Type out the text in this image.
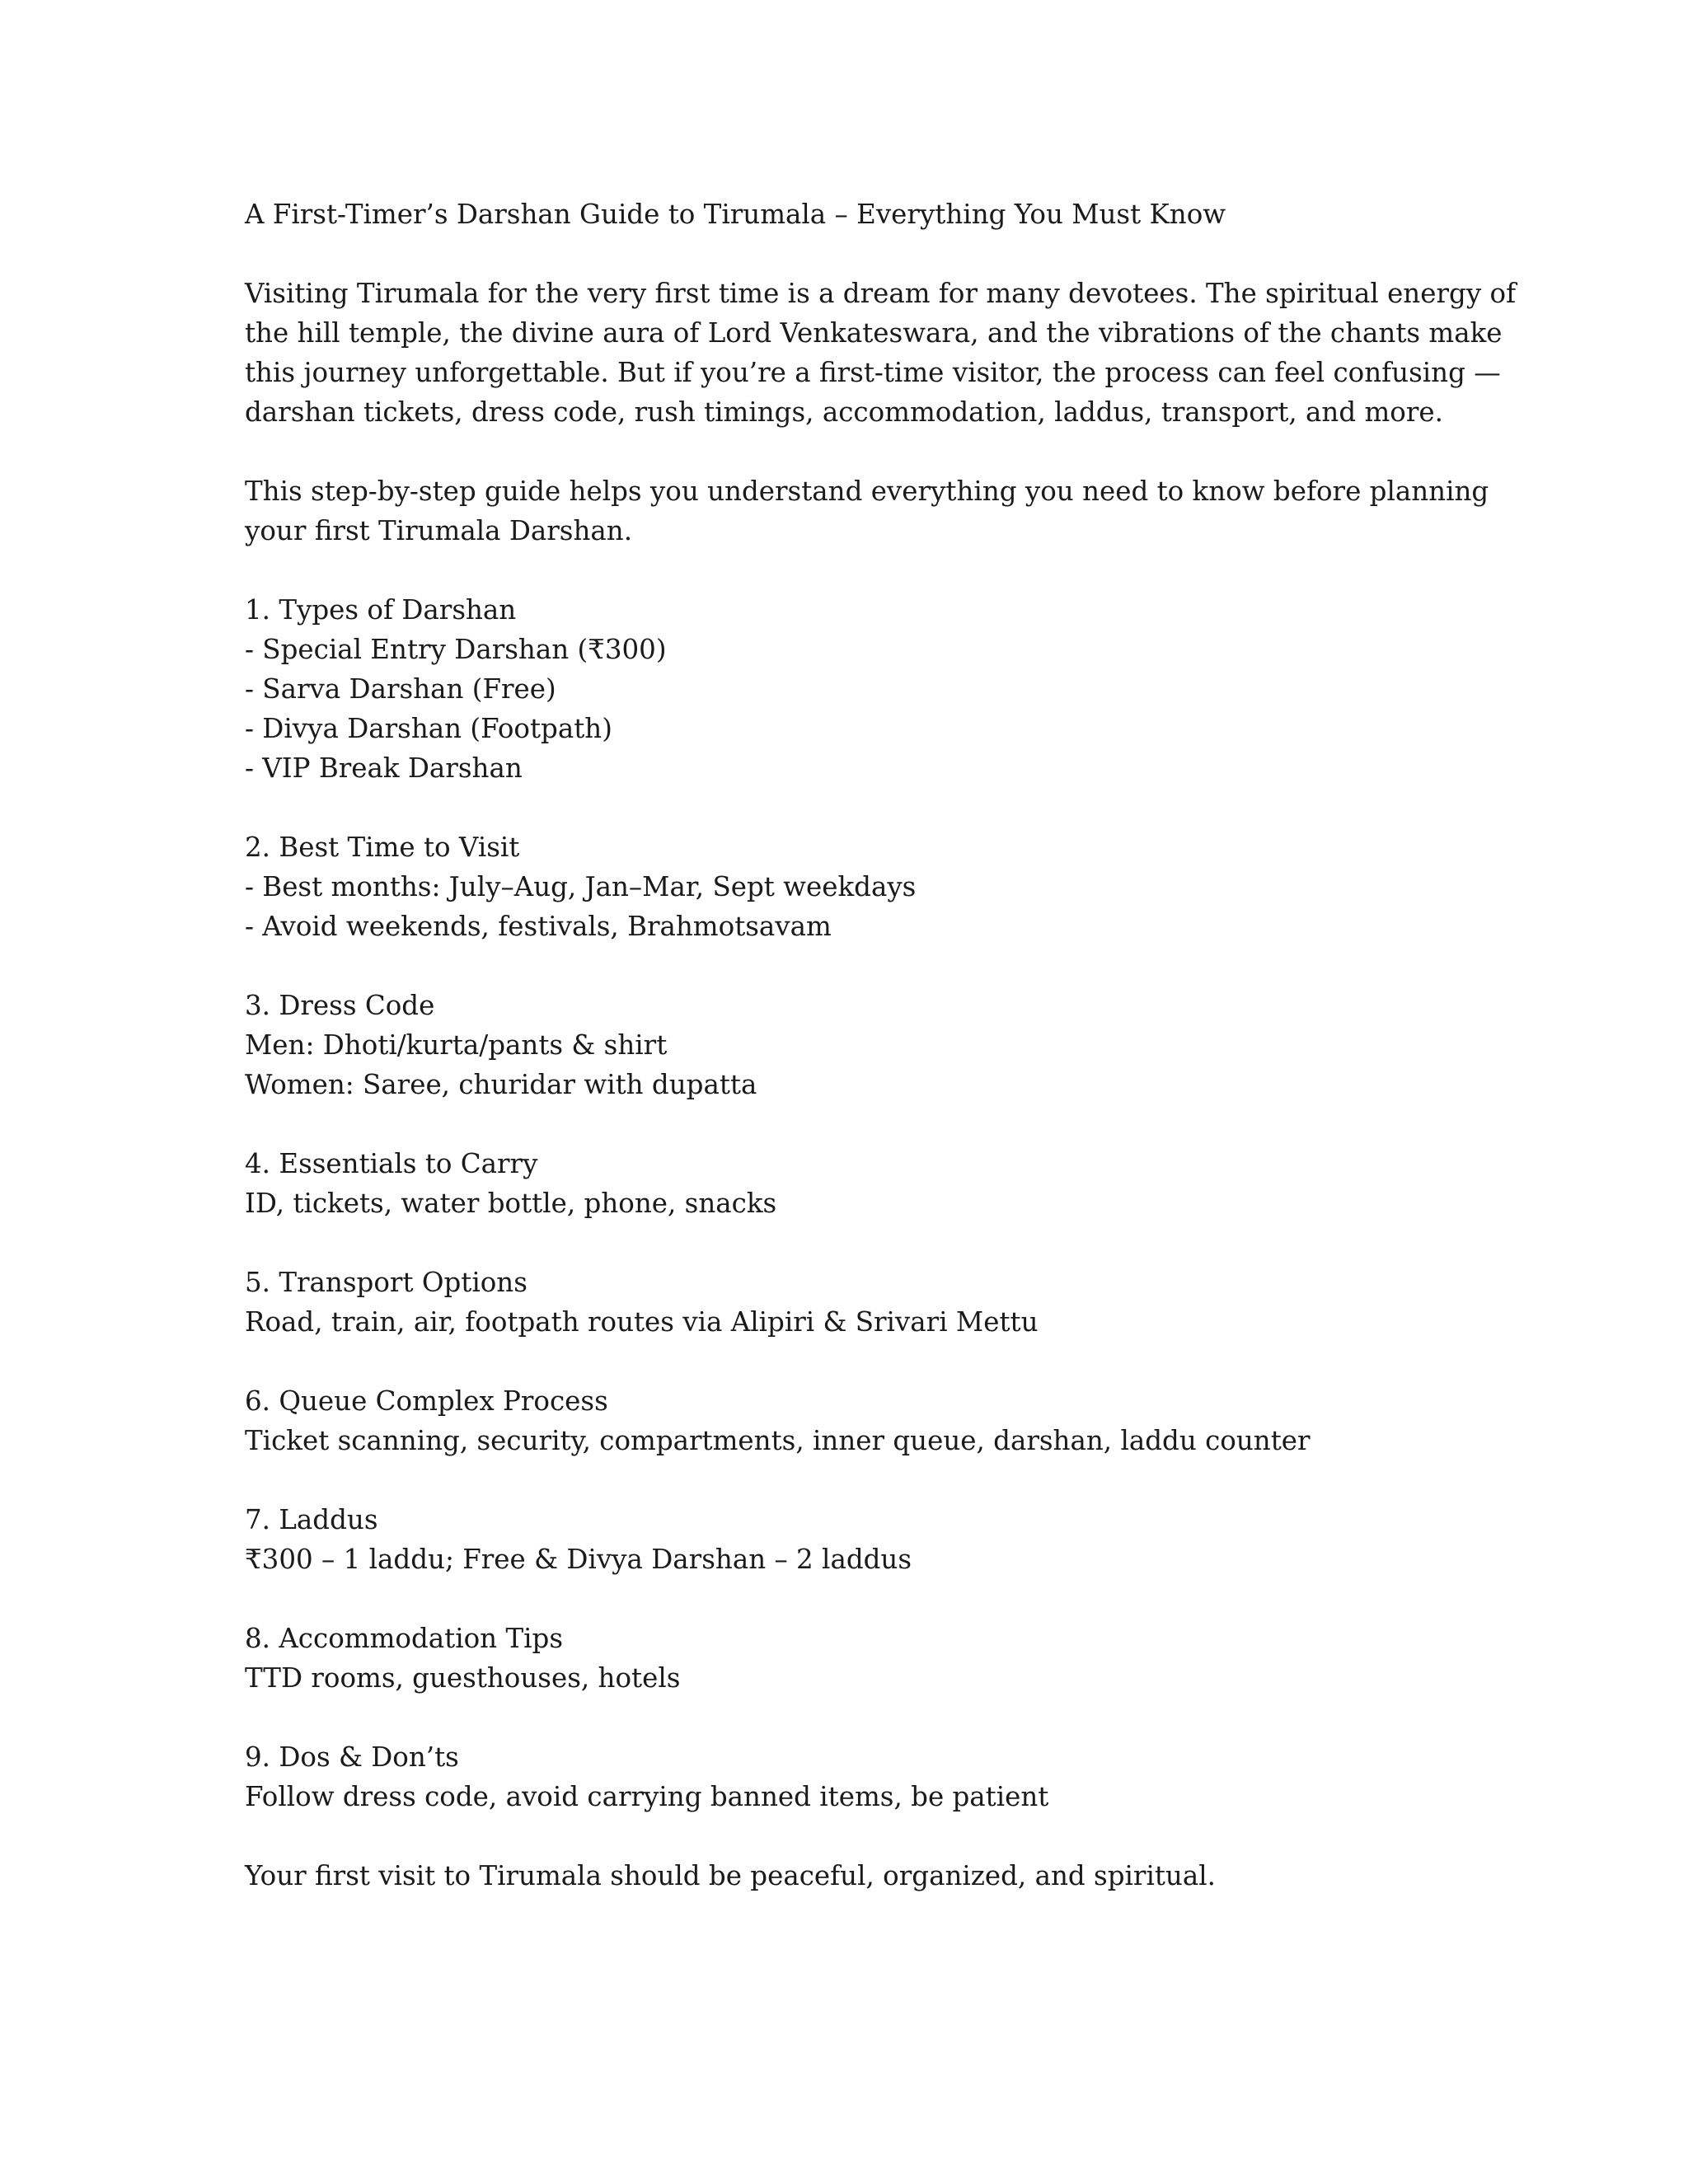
A First-Timer’s Darshan Guide to Tirumala – Everything You Must Know
Visiting Tirumala for the very first time is a dream for many devotees. The spiritual energy of
the hill temple, the divine aura of Lord Venkateswara, and the vibrations of the chants make
this journey unforgettable. But if you’re a first-time visitor, the process can feel confusing —
darshan tickets, dress code, rush timings, accommodation, laddus, transport, and more.
This step-by-step guide helps you understand everything you need to know before planning
your first Tirumala Darshan.
1. Types of Darshan
- Special Entry Darshan (₹300)
- Sarva Darshan (Free)
- Divya Darshan (Footpath)
- VIP Break Darshan
2. Best Time to Visit
- Best months: July–Aug, Jan–Mar, Sept weekdays
- Avoid weekends, festivals, Brahmotsavam
3. Dress Code
Men: Dhoti/kurta/pants & shirt
Women: Saree, churidar with dupatta
4. Essentials to Carry
ID, tickets, water bottle, phone, snacks
5. Transport Options
Road, train, air, footpath routes via Alipiri & Srivari Mettu
6. Queue Complex Process
Ticket scanning, security, compartments, inner queue, darshan, laddu counter
7. Laddus
₹300 – 1 laddu; Free & Divya Darshan – 2 laddus
8. Accommodation Tips
TTD rooms, guesthouses, hotels
9. Dos & Don’ts
Follow dress code, avoid carrying banned items, be patient
Your first visit to Tirumala should be peaceful, organized, and spiritual.
